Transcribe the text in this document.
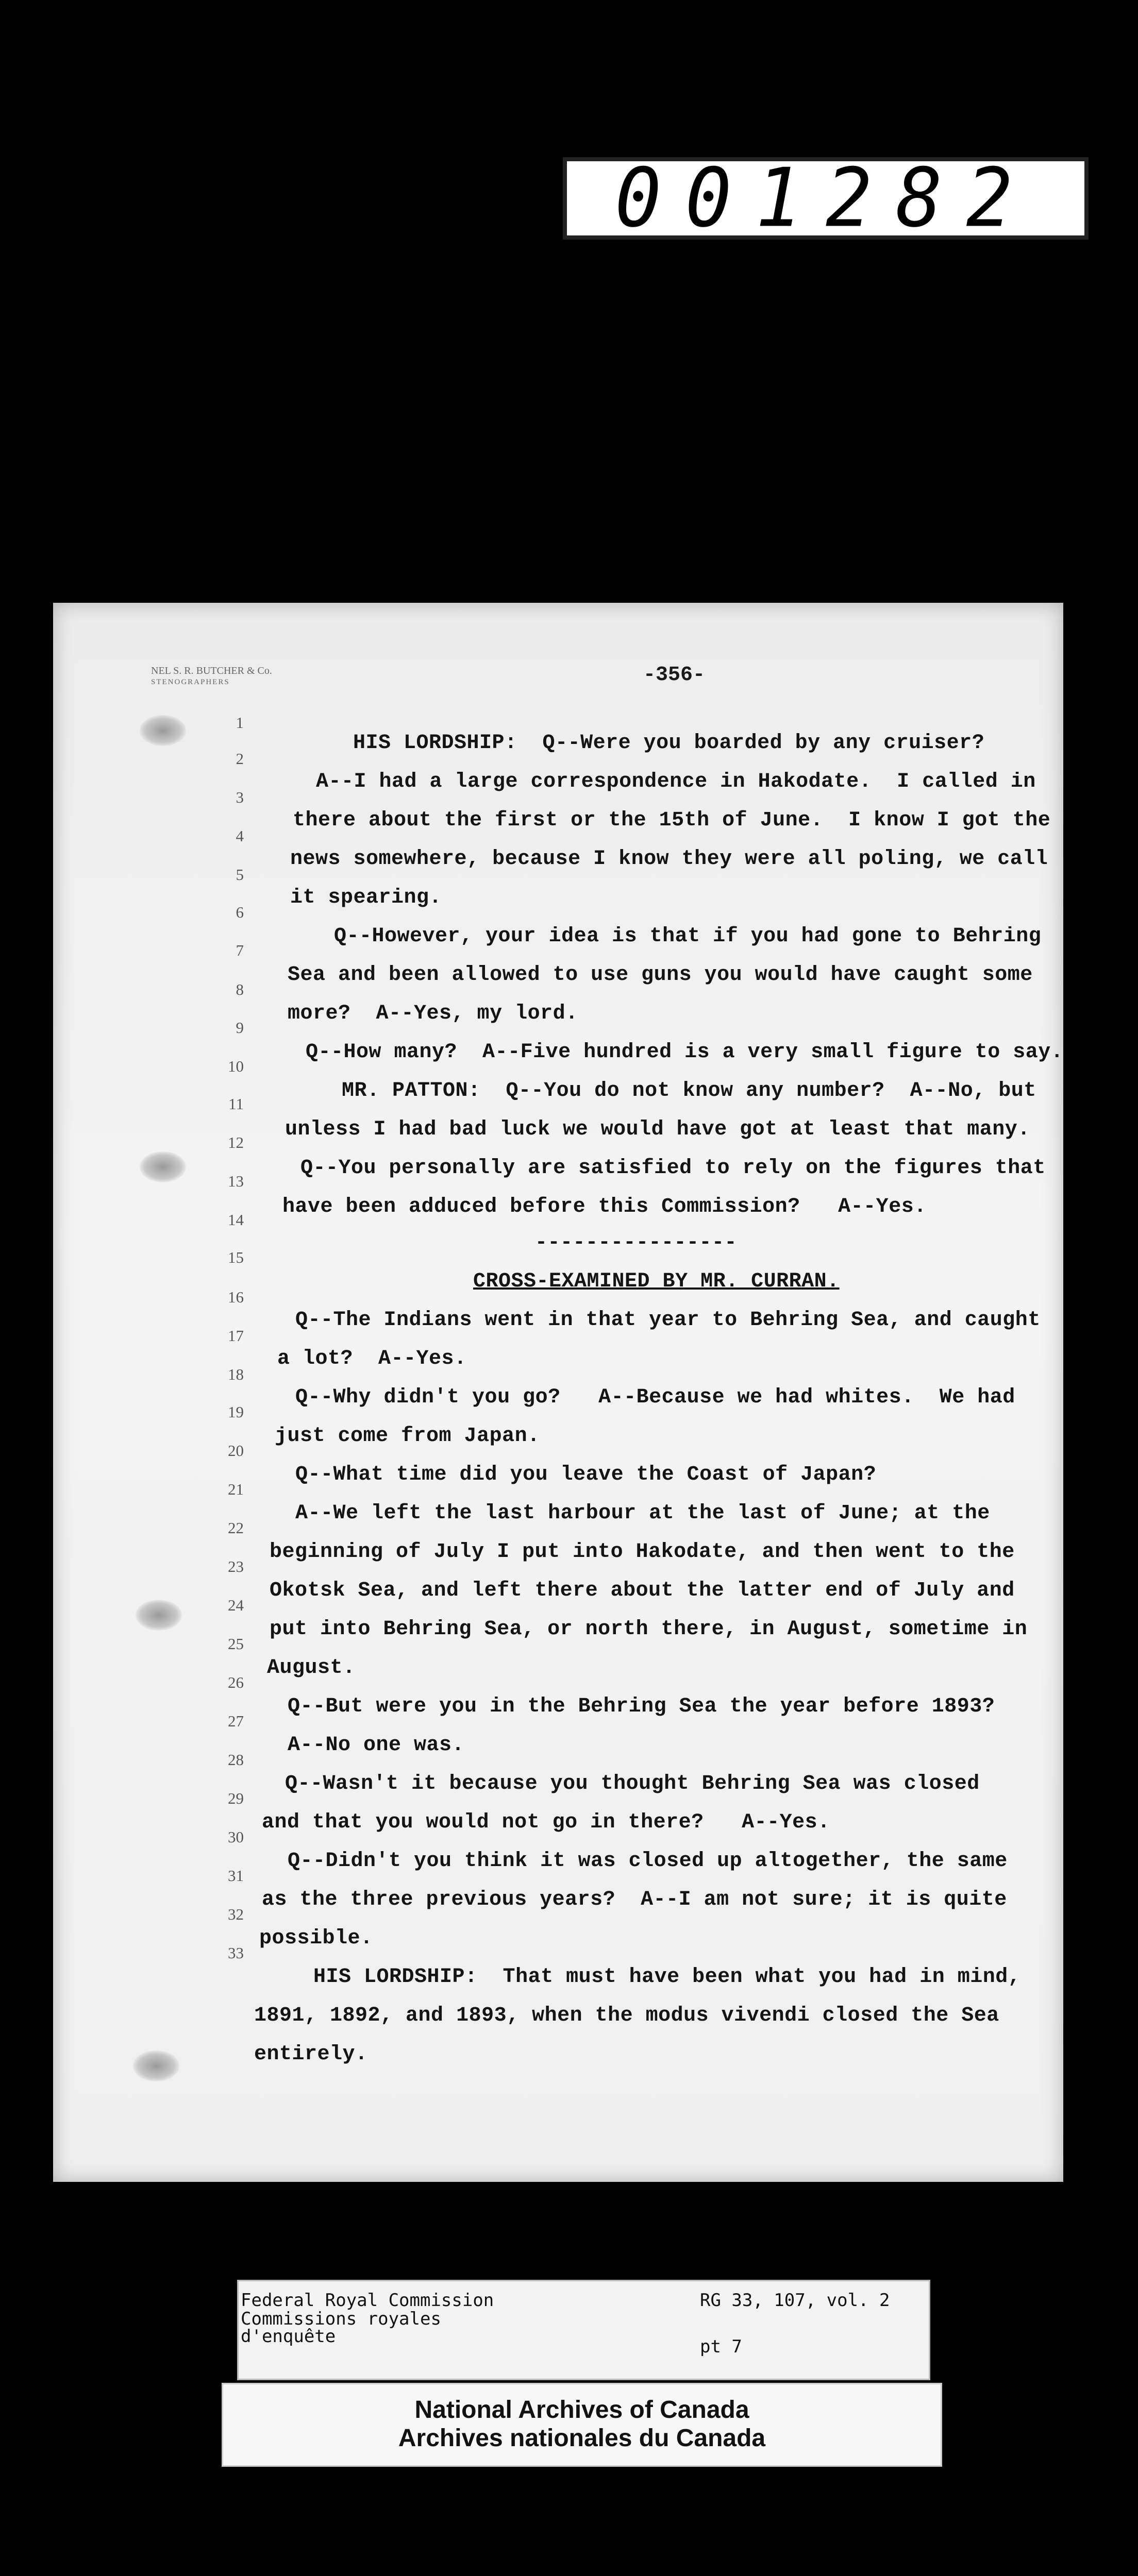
001282
NEL S. R. BUTCHER & Co.
STENOGRAPHERS	-356-
1
2
3
4
5
6
7
8
9
10
11
12
13
14
15
16
17
18
19
20
21
22
23
24
25
26
27
28
29
30
31
32
33
HIS LORDSHIP:  Q--Were you boarded by any cruiser?
A--I had a large correspondence in Hakodate.  I called in
there about the first or the 15th of June.  I know I got the
news somewhere, because I know they were all poling, we call
it spearing.
Q--However, your idea is that if you had gone to Behring
Sea and been allowed to use guns you would have caught some
more?  A--Yes, my lord.
Q--How many?  A--Five hundred is a very small figure to say.
MR. PATTON:  Q--You do not know any number?  A--No, but
unless I had bad luck we would have got at least that many.
Q--You personally are satisfied to rely on the figures that
have been adduced before this Commission?   A--Yes.
----------------
CROSS-EXAMINED BY MR. CURRAN.
Q--The Indians went in that year to Behring Sea, and caught
a lot?  A--Yes.
Q--Why didn't you go?   A--Because we had whites.  We had
just come from Japan.
Q--What time did you leave the Coast of Japan?
A--We left the last harbour at the last of June; at the
beginning of July I put into Hakodate, and then went to the
Okotsk Sea, and left there about the latter end of July and
put into Behring Sea, or north there, in August, sometime in
August.
Q--But were you in the Behring Sea the year before 1893?
A--No one was.
Q--Wasn't it because you thought Behring Sea was closed
and that you would not go in there?   A--Yes.
Q--Didn't you think it was closed up altogether, the same
as the three previous years?  A--I am not sure; it is quite
possible.
HIS LORDSHIP:  That must have been what you had in mind,
1891, 1892, and 1893, when the modus vivendi closed the Sea
entirely.
Federal Royal Commission
Commissions royales
d'enquête
RG 33, 107, vol. 2
pt 7
National Archives of Canada
Archives nationales du Canada
